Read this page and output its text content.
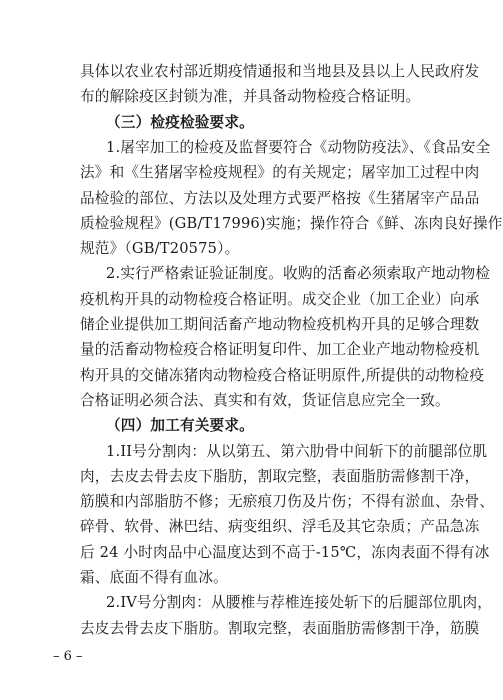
具体以农业农村部近期疫情通报和当地县及县以上人民政府发
布的解除疫区封锁为准，并具备动物检疫合格证明。
（三）检疫检验要求。
1.屠宰加工的检疫及监督要符合《动物防疫法》、《食品安全
法》和《生猪屠宰检疫规程》的有关规定；屠宰加工过程中肉
品检验的部位、方法以及处理方式要严格按《生猪屠宰产品品
质检验规程》(GB/T17996)实施；操作符合《鲜、冻肉良好操作
规范》（GB/T20575）。
2.实行严格索证验证制度。收购的活畜必须索取产地动物检
疫机构开具的动物检疫合格证明。成交企业（加工企业）向承
储企业提供加工期间活畜产地动物检疫机构开具的足够合理数
量的活畜动物检疫合格证明复印件、加工企业产地动物检疫机
构开具的交储冻猪肉动物检疫合格证明原件,所提供的动物检疫
合格证明必须合法、真实和有效，货证信息应完全一致。
（四）加工有关要求。
1.II号分割肉：从以第五、第六肋骨中间斩下的前腿部位肌
肉，去皮去骨去皮下脂肪，割取完整，表面脂肪需修割干净，
筋膜和内部脂肪不修；无瘀痕刀伤及片伤；不得有淤血、杂骨、
碎骨、软骨、淋巴结、病变组织、浮毛及其它杂质；产品急冻
后 24 小时肉品中心温度达到不高于-15℃，冻肉表面不得有冰
霜、底面不得有血冰。
2.IV号分割肉：从腰椎与荐椎连接处斩下的后腿部位肌肉，
去皮去骨去皮下脂肪。割取完整，表面脂肪需修割干净，筋膜
– 6 –
